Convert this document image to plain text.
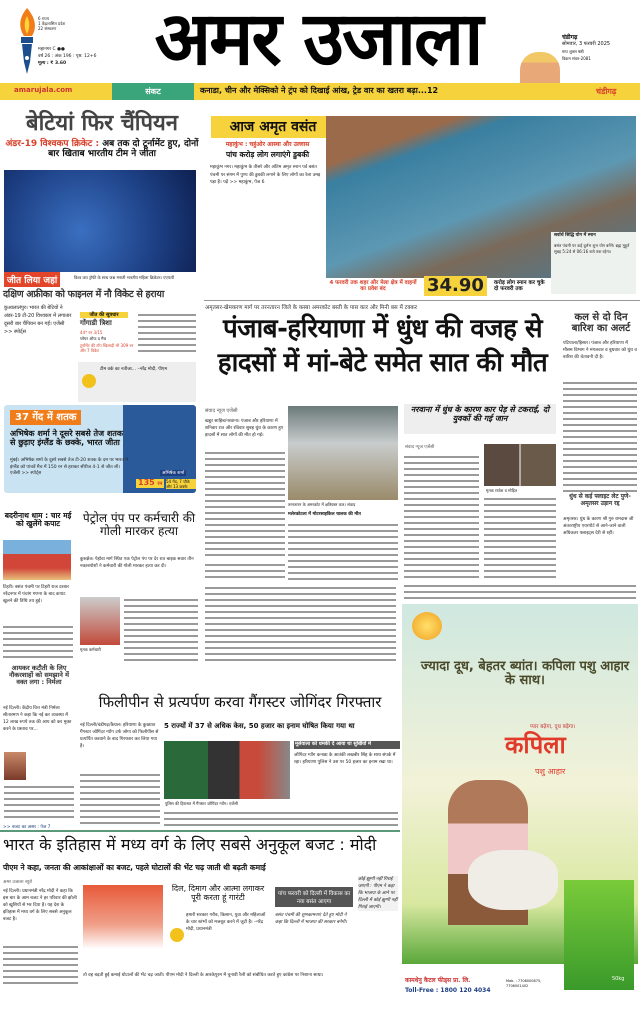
6 राज्य
1 केंद्रशासित प्रदेश
22 संस्करण
महानगर C ●●
वर्ष 26 : अंक 196 : पृष्ठ: 12+6
मूल्य : ₹ 3.60	अमर उजाला	चंडीगढ़
सोमवार, 3 फरवरी 2025
माघ शुक्ल षष्ठी
विक्रम संवत-2081
amarujala.com	संकट	कनाडा, चीन और मेक्सिको ने ट्रंप को दिखाई आंख, ट्रेड वार का खतरा बढ़ा...12	चंडीगढ़
बेटियां फिर चैंपियन
अंडर-19 विश्वकप क्रिकेट : अब तक दो टूर्नामेंट हुए, दोनों बार खिताब भारतीय टीम ने जीता
जीत लिया जहां	विश्व कप ट्रॉफी के साथ जश्न मनाती भारतीय महिला क्रिकेटर। एएफपी
दक्षिण अफ्रीका को फाइनल में नौ विकेट से हराया
कुआलालंपुर। भारत की बेटियों ने अंडर-19 टी-20 विश्वकप में लगातार दूसरी बार चैंपियन बन गईं। एजेंसी >> स्पोर्ट्स
जीत की सूत्रधार
गोंगाडी त्रिशा
44* रन 3/15
प्लेयर ऑफ द मैच
टूर्नामेंट की टॉप खिलाड़ी भी 309 रन और 7 विकेट
टीम वर्क का नतीजा... –नरेंद्र मोदी, पीएम
37 गेंद में शतक
अभिषेक शर्मा ने दूसरे सबसे तेज शतक से छुड़ाए इंग्लैंड के छक्के, भारत जीता
मुंबई। अभिषेक शर्मा के दूसरे सबसे तेज टी-20 शतक के दम पर भारत ने इंग्लैंड को पांचवें मैच में 150 रन से हराकर सीरीज 4-1 से जीत ली। एजेंसी >> स्पोर्ट्स	अभिषेक शर्मा
135 रन 54 गेंद, 7 चौके और 13 छक्के
आज अमृत वसंत
महाकुंभ : चहुंओर आस्था और उल्लास
पांच करोड़ लोग लगाएंगे डुबकी
महाकुंभ नगर। महाकुंभ के तीसरे और अंतिम अमृत स्नान पर्व बसंत पंचमी पर संगम में पुण्य की डुबकी लगाने के लिए लोगों का रेला उमड़ पड़ा है। पढ़ें >> महाकुंभ, पेज 6
सर्वार्थ सिद्धि योग में स्नान
बसंत पंचमी पर कई दुर्लभ शुभ योग बनेंगे। ब्रह्म मुहूर्त सुबह 5:24 से 06:16 बजे तक रहेगा।
4 फरवरी तक शहर और मेला क्षेत्र में वाहनों का प्रवेश बंद	34.90	करोड़ लोग स्नान कर चुके दो फरवरी तक
अमृतसर-खेमकरण मार्ग पर तरनतारन जिले के कस्बा अमरकोट बस्ती के पास कार और मिनी बस में टक्कर
पंजाब-हरियाणा में धुंध की वजह से हादसों में मां-बेटे समेत सात की मौत
संवाद न्यूज एजेंसी
खडूर साहिब/नरवाना। पंजाब और हरियाणा में शनिवार रात और रविवार सुबह धुंध के कारण हुए हादसों में सात लोगों की मौत हो गई।
तरनतारन के अमरकोट में क्षतिग्रस्त कार। संवाद
मलेरकोटला में मोटरसाइकिल चालक की मौत
नरवाना में धुंध के कारण कार पेड़ से टकराई, दो युवकों की गई जान
संवाद न्यूज एजेंसी
मृतक राजेश व मोहित
कल से दो दिन बारिश का अलर्ट
पटियाला/हिसार। पंजाब और हरियाणा में मौसम विभाग ने मंगलवार व बुधवार को धुंध व बारिश की चेतावनी दी है।
धुंध से कई फ्लाइट लेट पुणे-अमृतसर उड़ान रद्द
अमृतसर। धुंध के कारण श्री गुरु रामदास जी अंतरराष्ट्रीय एयरपोर्ट से आने-जाने वाली अधिकतर फ्लाइट्स देरी से रहीं।
बदरीनाथ धाम : चार मई को खुलेंगे कपाट
टिहरी। बसंत पंचमी पर टिहरी राज दरबार नरेंद्रनगर में पंचांग गणना के बाद कपाट खुलने की तिथि तय हुई।
पेट्रोल पंप पर कर्मचारी की गोली मारकर हत्या
कुरुक्षेत्र। पेहोवा मार्ग स्थित एक पेट्रोल पंप पर देर रात बाइक सवार तीन नकाबपोशों ने कर्मचारी की गोली मारकर हत्या कर दी।
मृतक कर्मचारी
आयकर कटौती के लिए नौकरशाहों को समझाने में वक्त लगा : निर्मला
नई दिल्ली। केंद्रीय वित्त मंत्री निर्मला सीतारमण ने कहा कि नई कर व्यवस्था में 12 लाख रुपये तक की आय को कर मुक्त करने के प्रस्ताव पर...
>> बजट का असर : पेज 7
फिलीपीन से प्रत्यर्पण करवा गैंगस्टर जोगिंदर गिरफ्तार
नई दिल्ली/चंडीगढ़/कैथल। हरियाणा के कुख्यात गैंगस्टर जोगिंदर ग्योंग उर्फ जोगा को फिलीपींस से प्रत्यर्पित करवाने के बाद गिरफ्तार कर लिया गया है।
5 राज्यों में 37 से अधिक केस, 50 हजार का इनाम घोषित किया गया था
पुलिस की हिरासत में गैंगस्टर जोगिंदर ग्योंग। एजेंसी
मूसेवाला को धमकी दे आया था सुर्खियों में
जोगिंदर ग्योंग कनाडा के आतंकी लखबीर सिंह के साथ संपर्क में रहा। हरियाणा पुलिस ने उस पर 50 हजार का इनाम रखा था।
भारत के इतिहास में मध्य वर्ग के लिए सबसे अनुकूल बजट : मोदी
पीएम ने कहा, जनता की आकांक्षाओं का बजट, पहले घोटालों की भेंट चढ़ जाती थी बढ़ती कमाई
अमर उजाला ब्यूरो
नई दिल्ली। प्रधानमंत्री नरेंद्र मोदी ने कहा कि इस बार के आम बजट ने हर परिवार की झोली को खुशियों से भर दिया है। यह देश के इतिहास में मध्य वर्ग के लिए सबसे अनुकूल बजट है।
दिल, दिमाग और आत्मा लगाकर पूरी करता हूं गारंटी
हमारी सरकार गरीब, किसान, युवा और महिलाओं के चार स्तंभों को मजबूत करने में जुटी है। –नरेंद्र मोदी, प्रधानमंत्री
पांच फरवरी को दिल्ली में विकास का नया बसंत आएगा
बसंत पंचमी की शुभकामनाएं देते हुए मोदी ने कहा कि दिल्ली में भाजपा की सरकार बनेगी।
कोई झुग्गी नहीं गिराई जाएगी : पीएम ने कहा कि भाजपा के आने पर दिल्ली में कोई झुग्गी नहीं गिराई जाएगी।
तो वह बढ़ती हुई कमाई घोटालों की भेंट चढ़ जाती। पीएम मोदी ने दिल्ली के आरकेपुरम में चुनावी रैली को संबोधित करते हुए कांग्रेस पर निशाना साधा।
ज्यादा दूध, बेहतर ब्यांत। कपिला पशु आहार के साथ।
प्यार बढ़ेगा, दूध बढ़ेगा।
कपिला
पशु आहार
50kg
कामधेनु कैटल फीड्स प्रा. लि.
Toll-Free : 1800 120 4034
Mob. : 7706000875, 7706001402
